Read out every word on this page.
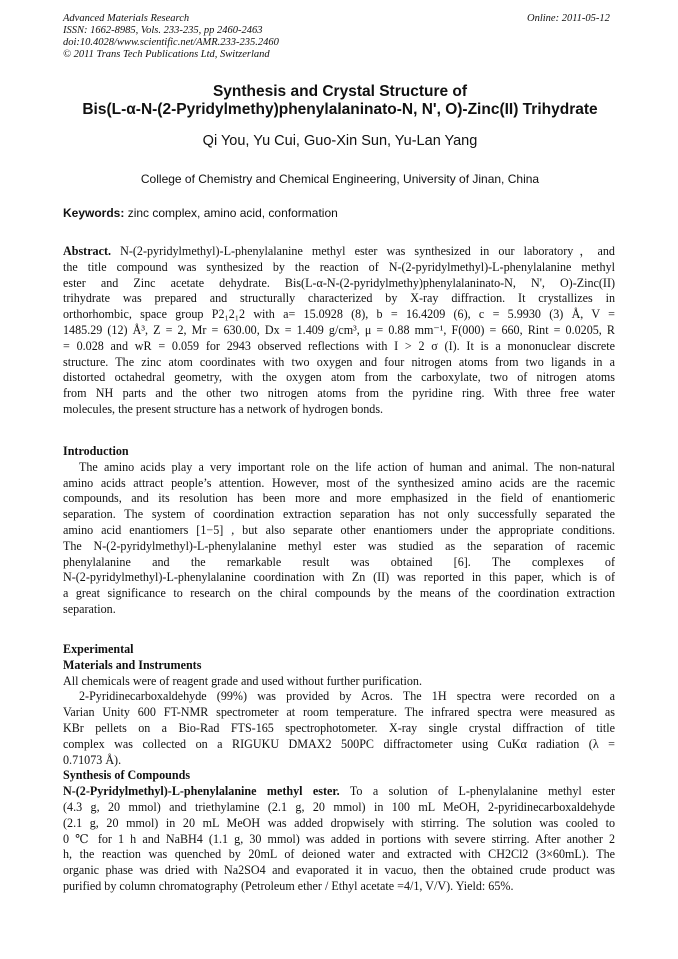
Advanced Materials Research
ISSN: 1662-8985, Vols. 233-235, pp 2460-2463
doi:10.4028/www.scientific.net/AMR.233-235.2460
© 2011 Trans Tech Publications Ltd, Switzerland
Online: 2011-05-12
Synthesis and Crystal Structure of
Bis(L-α-N-(2-Pyridylmethy)phenylalaninato-N, N', O)-Zinc(II) Trihydrate
Qi You, Yu Cui, Guo-Xin Sun, Yu-Lan Yang
College of Chemistry and Chemical Engineering, University of Jinan, China
Keywords: zinc complex, amino acid, conformation
Abstract. N-(2-pyridylmethyl)-L-phenylalanine methyl ester was synthesized in our laboratory，and
the title compound was synthesized by the reaction of N-(2-pyridylmethyl)-L-phenylalanine methyl
ester and Zinc acetate dehydrate. Bis(L-α-N-(2-pyridylmethy)phenylalaninato-N, N', O)-Zinc(II)
trihydrate was prepared and structurally characterized by X-ray diffraction. It crystallizes in
orthorhombic, space group P2₁2₁2 with a= 15.0928 (8), b = 16.4209 (6), c = 5.9930 (3) Å, V =
1485.29 (12) Å³, Z = 2, Mr = 630.00, Dx = 1.409 g/cm³, μ = 0.88 mm⁻¹, F(000) = 660, Rint = 0.0205, R
= 0.028 and wR = 0.059 for 2943 observed reflections with I > 2 σ (I). It is a mononuclear discrete
structure. The zinc atom coordinates with two oxygen and four nitrogen atoms from two ligands in a
distorted octahedral geometry, with the oxygen atom from the carboxylate, two of nitrogen atoms
from NH parts and the other two nitrogen atoms from the pyridine ring. With three free water
molecules, the present structure has a network of hydrogen bonds.
Introduction
The amino acids play a very important role on the life action of human and animal. The non-natural
amino acids attract people’s attention. However, most of the synthesized amino acids are the racemic
compounds, and its resolution has been more and more emphasized in the field of enantiomeric
separation. The system of coordination extraction separation has not only successfully separated the
amino acid enantiomers [1−5] , but also separate other enantiomers under the appropriate conditions.
The N-(2-pyridylmethyl)-L-phenylalanine methyl ester was studied as the separation of racemic
phenylalanine and the remarkable result was obtained [6]. The complexes of
N-(2-pyridylmethyl)-L-phenylalanine coordination with Zn (II) was reported in this paper, which is of
a great significance to research on the chiral compounds by the means of the coordination extraction
separation.
Experimental
Materials and Instruments
All chemicals were of reagent grade and used without further purification.
2-Pyridinecarboxaldehyde (99%) was provided by Acros. The 1H spectra were recorded on a
Varian Unity 600 FT-NMR spectrometer at room temperature. The infrared spectra were measured as
KBr pellets on a Bio-Rad FTS-165 spectrophotometer. X-ray single crystal diffraction of title
complex was collected on a RIGUKU DMAX2 500PC diffractometer using CuKα radiation (λ =
0.71073 Å).
Synthesis of Compounds
N-(2-Pyridylmethyl)-L-phenylalanine methyl ester. To a solution of L-phenylalanine methyl ester
(4.3 g, 20 mmol) and triethylamine (2.1 g, 20 mmol) in 100 mL MeOH, 2-pyridinecarboxaldehyde
(2.1 g, 20 mmol) in 20 mL MeOH was added dropwisely with stirring. The solution was cooled to
0 ℃ for 1 h and NaBH4 (1.1 g, 30 mmol) was added in portions with severe stirring. After another 2
h, the reaction was quenched by 20mL of deioned water and extracted with CH2Cl2 (3×60mL). The
organic phase was dried with Na2SO4 and evaporated it in vacuo, then the obtained crude product was
purified by column chromatography (Petroleum ether / Ethyl acetate =4/1, V/V). Yield: 65%.
